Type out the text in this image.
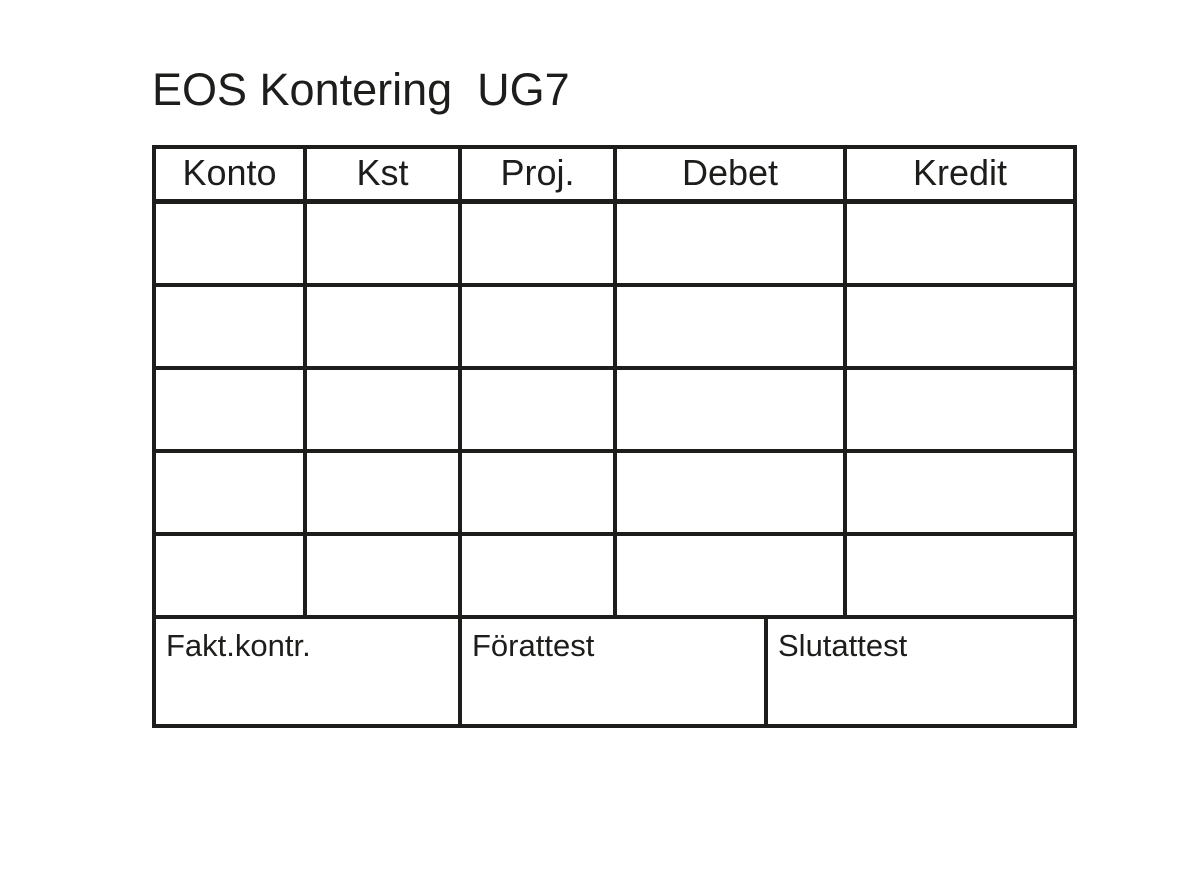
EOS Kontering  UG7
Konto	Kst	Proj.	Debet	Kredit
Fakt.kontr.	Förattest	Slutattest
